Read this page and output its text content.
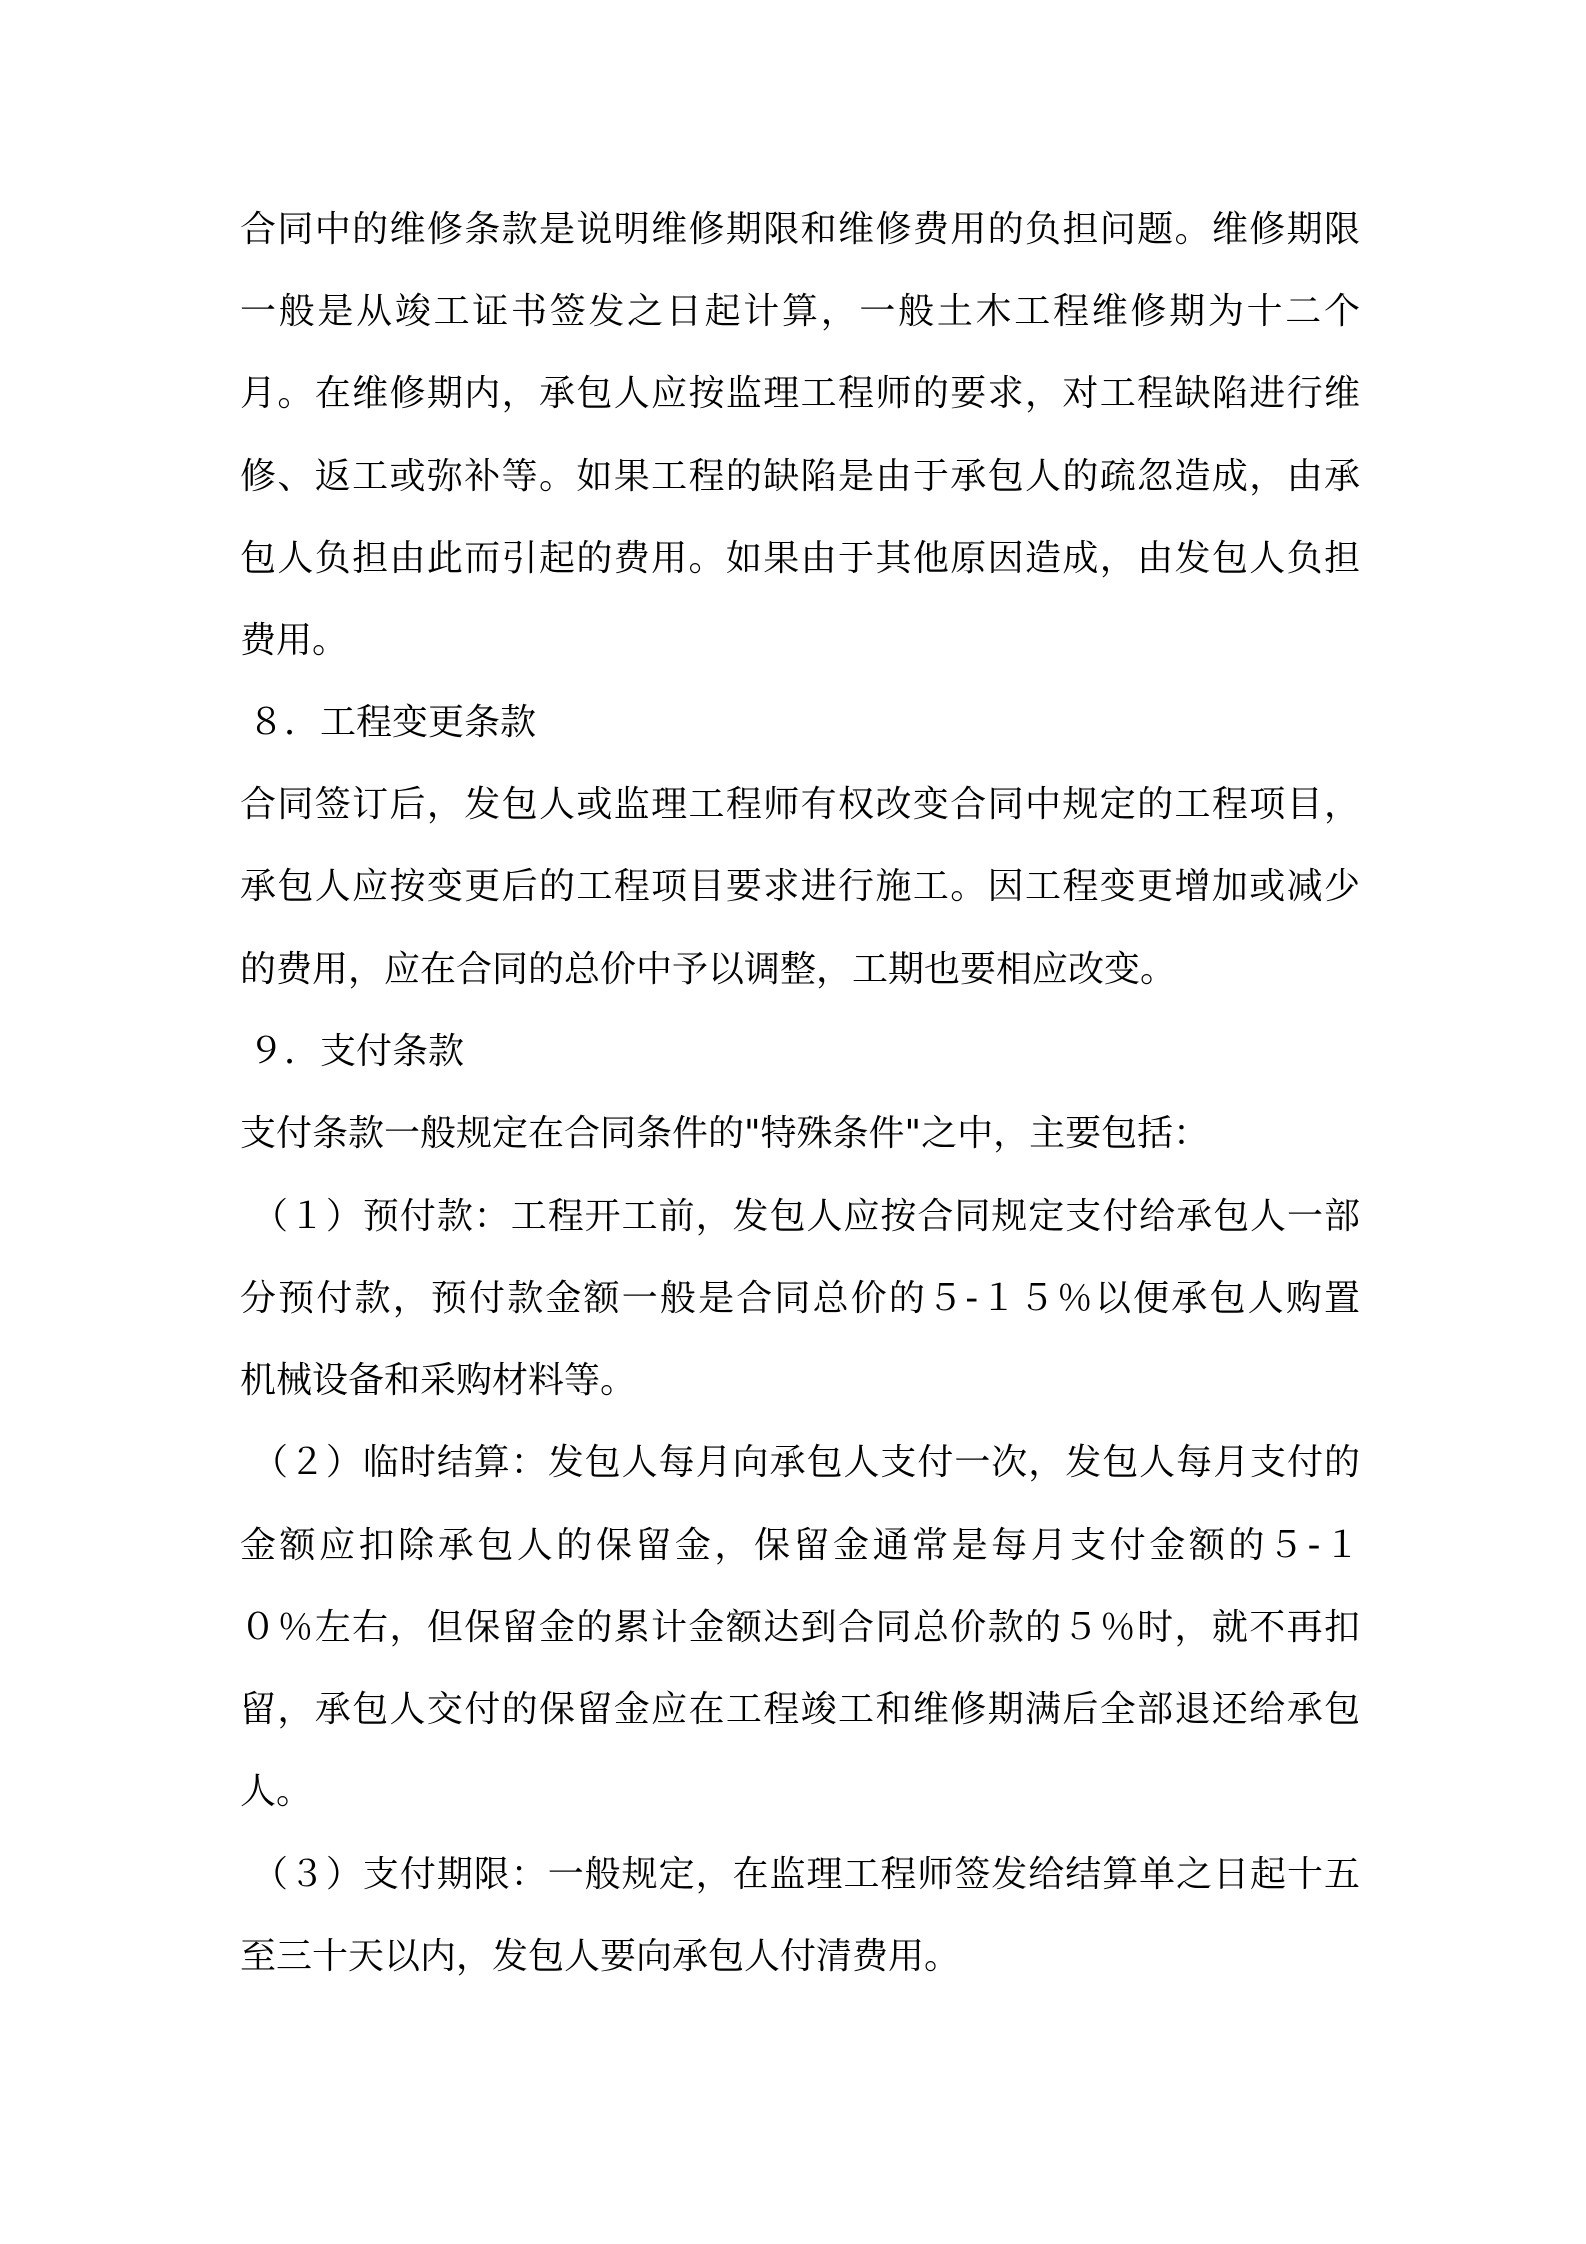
合同中的维修条款是说明维修期限和维修费用的负担问题。维修期限
一般是从竣工证书签发之日起计算，一般土木工程维修期为十二个
月。在维修期内，承包人应按监理工程师的要求，对工程缺陷进行维
修、返工或弥补等。如果工程的缺陷是由于承包人的疏忽造成，由承
包人负担由此而引起的费用。如果由于其他原因造成，由发包人负担
费用。
８．工程变更条款
合同签订后，发包人或监理工程师有权改变合同中规定的工程项目，
承包人应按变更后的工程项目要求进行施工。因工程变更增加或减少
的费用，应在合同的总价中予以调整，工期也要相应改变。
９．支付条款
支付条款一般规定在合同条件的"特殊条件"之中，主要包括：
（１）预付款：工程开工前，发包人应按合同规定支付给承包人一部
分预付款，预付款金额一般是合同总价的５-１５％以便承包人购置
机械设备和采购材料等。
（２）临时结算：发包人每月向承包人支付一次，发包人每月支付的
金额应扣除承包人的保留金，保留金通常是每月支付金额的５-１
０％左右，但保留金的累计金额达到合同总价款的５％时，就不再扣
留，承包人交付的保留金应在工程竣工和维修期满后全部退还给承包
人。
（３）支付期限：一般规定，在监理工程师签发给结算单之日起十五
至三十天以内，发包人要向承包人付清费用。
